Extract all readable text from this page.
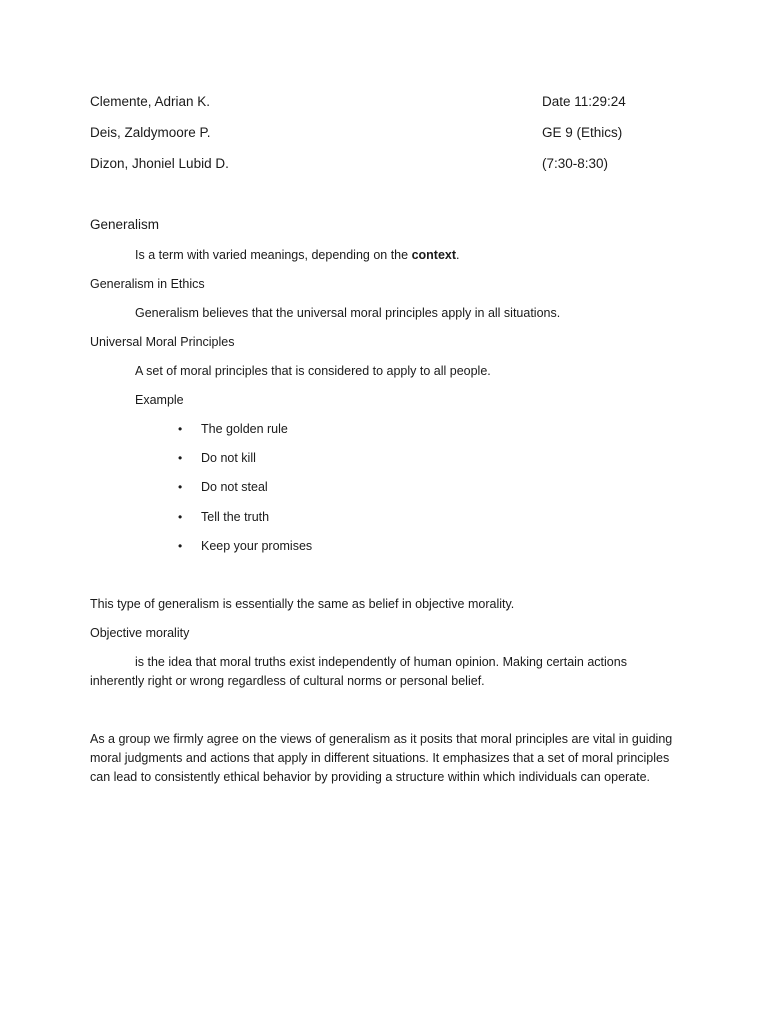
Clemente, Adrian K.	Date 11:29:24
Deis, Zaldymoore P.	GE 9 (Ethics)
Dizon, Jhoniel Lubid D.	(7:30-8:30)

Generalism

Is a term with varied meanings, depending on the context.

Generalism in Ethics

Generalism believes that the universal moral principles apply in all situations.

Universal Moral Principles

A set of moral principles that is considered to apply to all people.

Example

• The golden rule
• Do not kill
• Do not steal
• Tell the truth
• Keep your promises

This type of generalism is essentially the same as belief in objective morality.

Objective morality

is the idea that moral truths exist independently of human opinion. Making certain actions inherently right or wrong regardless of cultural norms or personal belief.

As a group we firmly agree on the views of generalism as it posits that moral principles are vital in guiding moral judgments and actions that apply in different situations. It emphasizes that a set of moral principles can lead to consistently ethical behavior by providing a structure within which individuals can operate.
